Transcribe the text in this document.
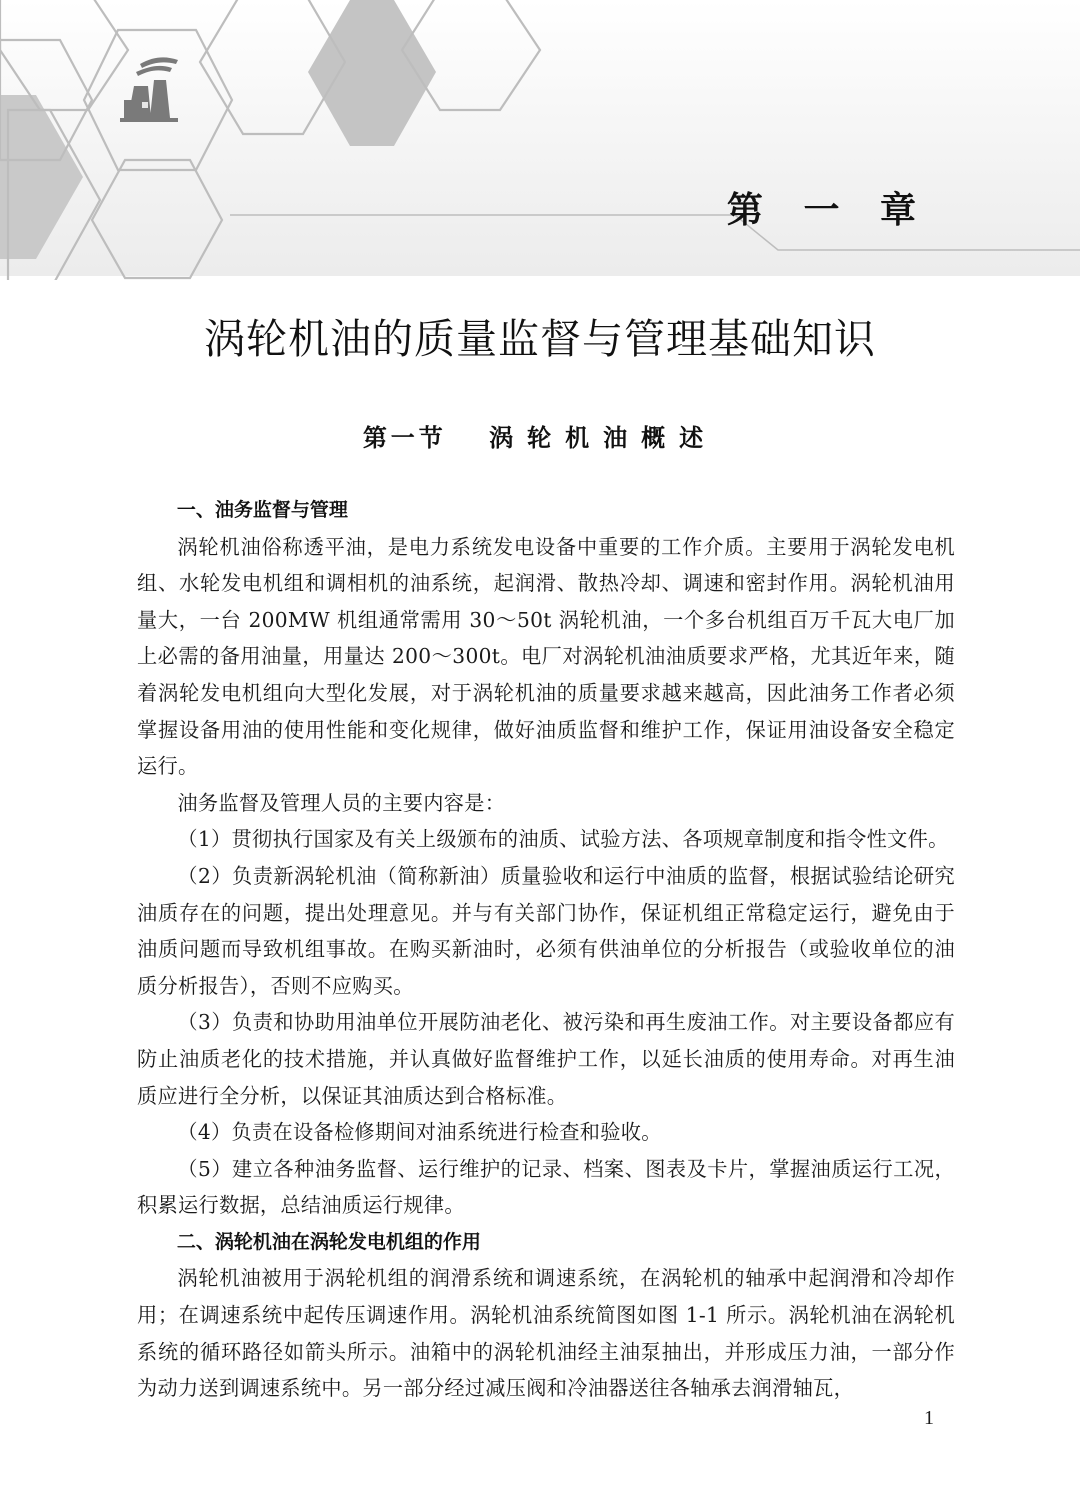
第 一 章
涡轮机油的质量监督与管理基础知识
第一节 涡轮机油概述
一、油务监督与管理

涡轮机油俗称透平油，是电力系统发电设备中重要的工作介质。主要用于涡轮发电机组、水轮发电机组和调相机的油系统，起润滑、散热冷却、调速和密封作用。涡轮机油用量大，一台 200MW 机组通常需用 30～50t 涡轮机油，一个多台机组百万千瓦大电厂加上必需的备用油量，用量达 200～300t。电厂对涡轮机油油质要求严格，尤其近年来，随着涡轮发电机组向大型化发展，对于涡轮机油的质量要求越来越高，因此油务工作者必须掌握设备用油的使用性能和变化规律，做好油质监督和维护工作，保证用油设备安全稳定运行。

油务监督及管理人员的主要内容是：

（1）贯彻执行国家及有关上级颁布的油质、试验方法、各项规章制度和指令性文件。

（2）负责新涡轮机油（简称新油）质量验收和运行中油质的监督，根据试验结论研究油质存在的问题，提出处理意见。并与有关部门协作，保证机组正常稳定运行，避免由于油质问题而导致机组事故。在购买新油时，必须有供油单位的分析报告（或验收单位的油质分析报告），否则不应购买。

（3）负责和协助用油单位开展防油老化、被污染和再生废油工作。对主要设备都应有防止油质老化的技术措施，并认真做好监督维护工作，以延长油质的使用寿命。对再生油质应进行全分析，以保证其油质达到合格标准。

（4）负责在设备检修期间对油系统进行检查和验收。

（5）建立各种油务监督、运行维护的记录、档案、图表及卡片，掌握油质运行工况，积累运行数据，总结油质运行规律。

二、涡轮机油在涡轮发电机组的作用

涡轮机油被用于涡轮机组的润滑系统和调速系统，在涡轮机的轴承中起润滑和冷却作用；在调速系统中起传压调速作用。涡轮机油系统简图如图 1-1 所示。涡轮机油在涡轮机系统的循环路径如箭头所示。油箱中的涡轮机油经主油泵抽出，并形成压力油，一部分作为动力送到调速系统中。另一部分经过减压阀和冷油器送往各轴承去润滑轴瓦，

1
